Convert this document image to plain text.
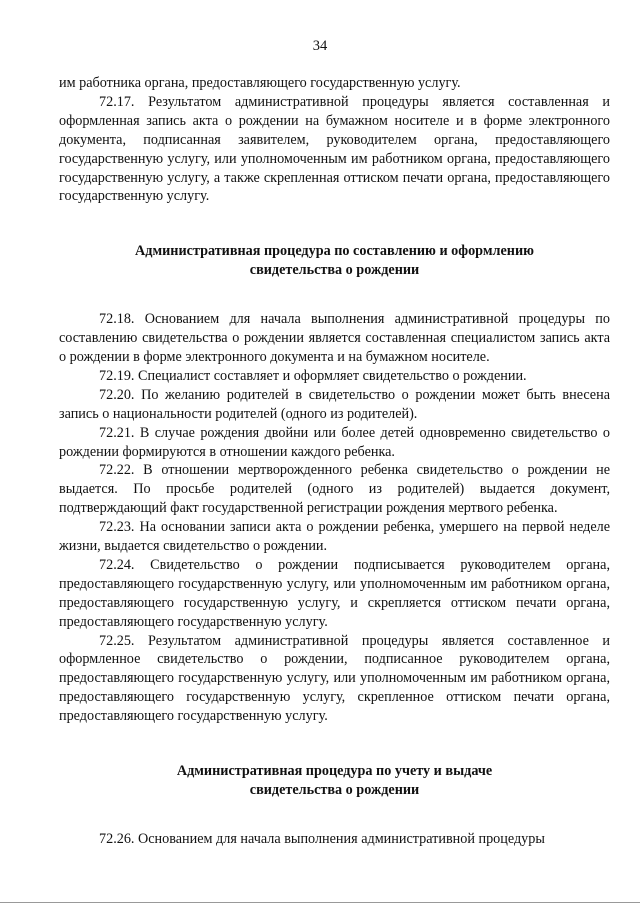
34

им работника органа, предоставляющего государственную услугу.

72.17. Результатом административной процедуры является составленная и оформленная запись акта о рождении на бумажном носителе и в форме электронного документа, подписанная заявителем, руководителем органа, предоставляющего государственную услугу, или уполномоченным им работником органа, предоставляющего государственную услугу, а также скрепленная оттиском печати органа, предоставляющего государственную услугу.

Административная процедура по составлению и оформлению
свидетельства о рождении

72.18. Основанием для начала выполнения административной процедуры по составлению свидетельства о рождении является составленная специалистом запись акта о рождении в форме электронного документа и на бумажном носителе.

72.19. Специалист составляет и оформляет свидетельство о рождении.

72.20. По желанию родителей в свидетельство о рождении может быть внесена запись о национальности родителей (одного из родителей).

72.21. В случае рождения двойни или более детей одновременно свидетельство о рождении формируются в отношении каждого ребенка.

72.22. В отношении мертворожденного ребенка свидетельство о рождении не выдается. По просьбе родителей (одного из родителей) выдается документ, подтверждающий факт государственной регистрации рождения мертвого ребенка.

72.23. На основании записи акта о рождении ребенка, умершего на первой неделе жизни, выдается свидетельство о рождении.

72.24. Свидетельство о рождении подписывается руководителем органа, предоставляющего государственную услугу, или уполномоченным им работником органа, предоставляющего государственную услугу, и скрепляется оттиском печати органа, предоставляющего государственную услугу.

72.25. Результатом административной процедуры является составленное и оформленное свидетельство о рождении, подписанное руководителем органа, предоставляющего государственную услугу, или уполномоченным им работником органа, предоставляющего государственную услугу, скрепленное оттиском печати органа, предоставляющего государственную услугу.

Административная процедура по учету и выдаче
свидетельства о рождении

72.26. Основанием для начала выполнения административной процедуры
